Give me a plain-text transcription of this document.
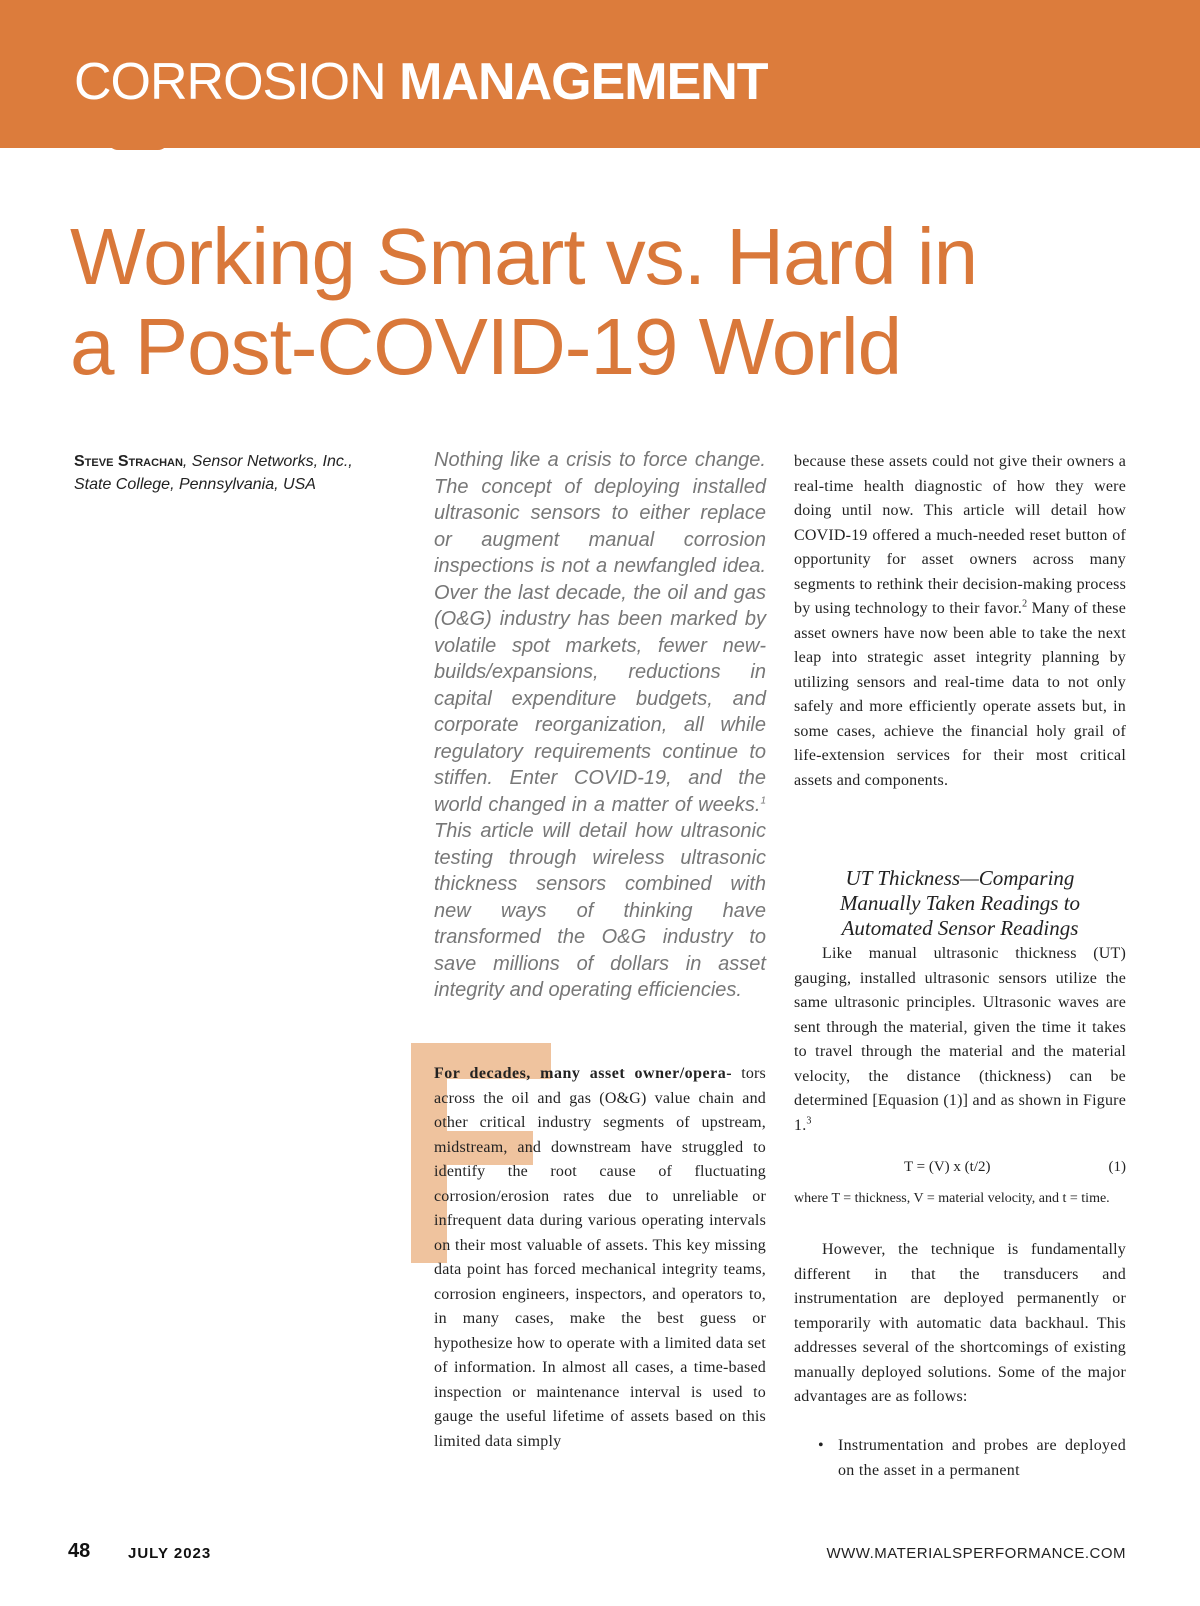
CORROSION MANAGEMENT
Working Smart vs. Hard in
a Post-COVID-19 World
Steve Strachan, Sensor Networks, Inc.,
State College, Pennsylvania, USA

Nothing like a crisis to force change. The concept of deploying installed ultrasonic sensors to either replace or augment manual corrosion inspections is not a newfangled idea. Over the last decade, the oil and gas (O&G) industry has been marked by volatile spot markets, fewer new-builds/expansions, reductions in capital expenditure budgets, and corporate reorganization, all while regulatory requirements continue to stiffen. Enter COVID-19, and the world changed in a matter of weeks.$^1$ This article will detail how ultrasonic testing through wireless ultrasonic thickness sensors combined with new ways of thinking have transformed the O&G industry to save millions of dollars in asset integrity and operating efficiencies.

For decades, many asset owner/opera- tors across the oil and gas (O&G) value chain and other critical industry segments of upstream, midstream, and downstream have struggled to identify the root cause of fluctuating corrosion/erosion rates due to unreliable or infrequent data during various operating intervals on their most valuable of assets. This key missing data point has forced mechanical integrity teams, corrosion engineers, inspectors, and operators to, in many cases, make the best guess or hypothesize how to operate with a limited data set of information. In almost all cases, a time-based inspection or maintenance interval is used to gauge the useful lifetime of assets based on this limited data simply

because these assets could not give their owners a real-time health diagnostic of how they were doing until now. This article will detail how COVID-19 offered a much-needed reset button of opportunity for asset owners across many segments to rethink their decision-making process by using technology to their favor.$^2$ Many of these asset owners have now been able to take the next leap into strategic asset integrity planning by utilizing sensors and real-time data to not only safely and more efficiently operate assets but, in some cases, achieve the financial holy grail of life-extension services for their most critical assets and components.

UT Thickness—Comparing
Manually Taken Readings to
Automated Sensor Readings

Like manual ultrasonic thickness (UT) gauging, installed ultrasonic sensors utilize the same ultrasonic principles. Ultrasonic waves are sent through the material, given the time it takes to travel through the material and the material velocity, the distance (thickness) can be determined [Equasion (1)] and as shown in Figure 1.$^3$

T = (V) x (t/2)	(1)

where T = thickness, V = material velocity, and t = time.

However, the technique is fundamentally different in that the transducers and instrumentation are deployed permanently or temporarily with automatic data backhaul. This addresses several of the shortcomings of existing manually deployed solutions. Some of the major advantages are as follows:

• Instrumentation and probes are deployed on the asset in a permanent
48	JULY 2023	WWW.MATERIALSPERFORMANCE.COM
